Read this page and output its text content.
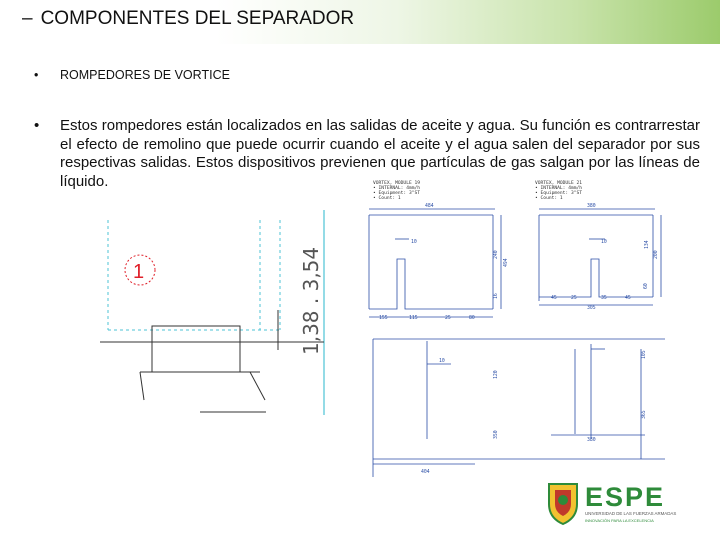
– COMPONENTES DEL SEPARADOR
• ROMPEDORES DE VORTICE
• Estos rompedores están localizados en las salidas de aceite y agua. Su función es contrarrestar el efecto de remolino que puede ocurrir cuando el aceite y el agua salen del separador por sus respectivas salidas. Estos dispositivos previenen que partículas de gas salgan por las líneas de líquido.
1	1,38 . 3,54
VORTEX, MODULE 19
• INTERNAL: 4mm/h
• Equipment: 3"ST
• Count: 1
VORTEX, MODULE 21
• INTERNAL: 4mm/h
• Equipment: 3"ST
• Count: 1
484
10
240
494
16
155	115	25	80
380
10	134
200
45	25	35	45
305
60
10
120
380
350
404
105
365
ESPE
UNIVERSIDAD DE LAS FUERZAS ARMADAS
INNOVACIÓN PARA LA EXCELENCIA
